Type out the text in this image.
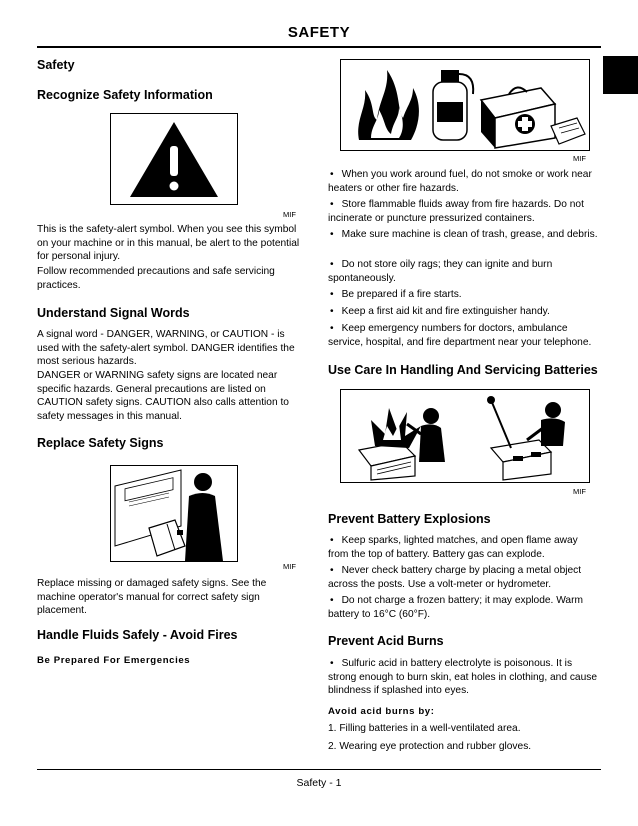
SAFETY
Safety
Recognize Safety Information
MIF
This is the safety-alert symbol. When you see this symbol on your machine or in this manual, be alert to the potential for personal injury.
Follow recommended precautions and safe servicing practices.
Understand Signal Words
A signal word - DANGER, WARNING, or CAUTION - is used with the safety-alert symbol. DANGER identifies the most serious hazards.
DANGER or WARNING safety signs are located near specific hazards. General precautions are listed on CAUTION safety signs. CAUTION also calls attention to safety messages in this manual.
Replace Safety Signs
MIF
Replace missing or damaged safety signs. See the machine operator's manual for correct safety sign placement.
Handle Fluids Safely - Avoid Fires
Be Prepared For Emergencies
MIF
• When you work around fuel, do not smoke or work near heaters or other fire hazards.
• Store flammable fluids away from fire hazards. Do not incinerate or puncture pressurized containers.
• Make sure machine is clean of trash, grease, and debris.
• Do not store oily rags; they can ignite and burn spontaneously.
• Be prepared if a fire starts.
• Keep a first aid kit and fire extinguisher handy.
• Keep emergency numbers for doctors, ambulance service, hospital, and fire department near your telephone.
Use Care In Handling And Servicing Batteries
MIF
Prevent Battery Explosions
• Keep sparks, lighted matches, and open flame away from the top of battery. Battery gas can explode.
• Never check battery charge by placing a metal object across the posts. Use a volt-meter or hydrometer.
• Do not charge a frozen battery; it may explode. Warm battery to 16°C (60°F).
Prevent Acid Burns
• Sulfuric acid in battery electrolyte is poisonous. It is strong enough to burn skin, eat holes in clothing, and cause blindness if splashed into eyes.
Avoid acid burns by:
1. Filling batteries in a well-ventilated area.
2. Wearing eye protection and rubber gloves.
Safety - 1
